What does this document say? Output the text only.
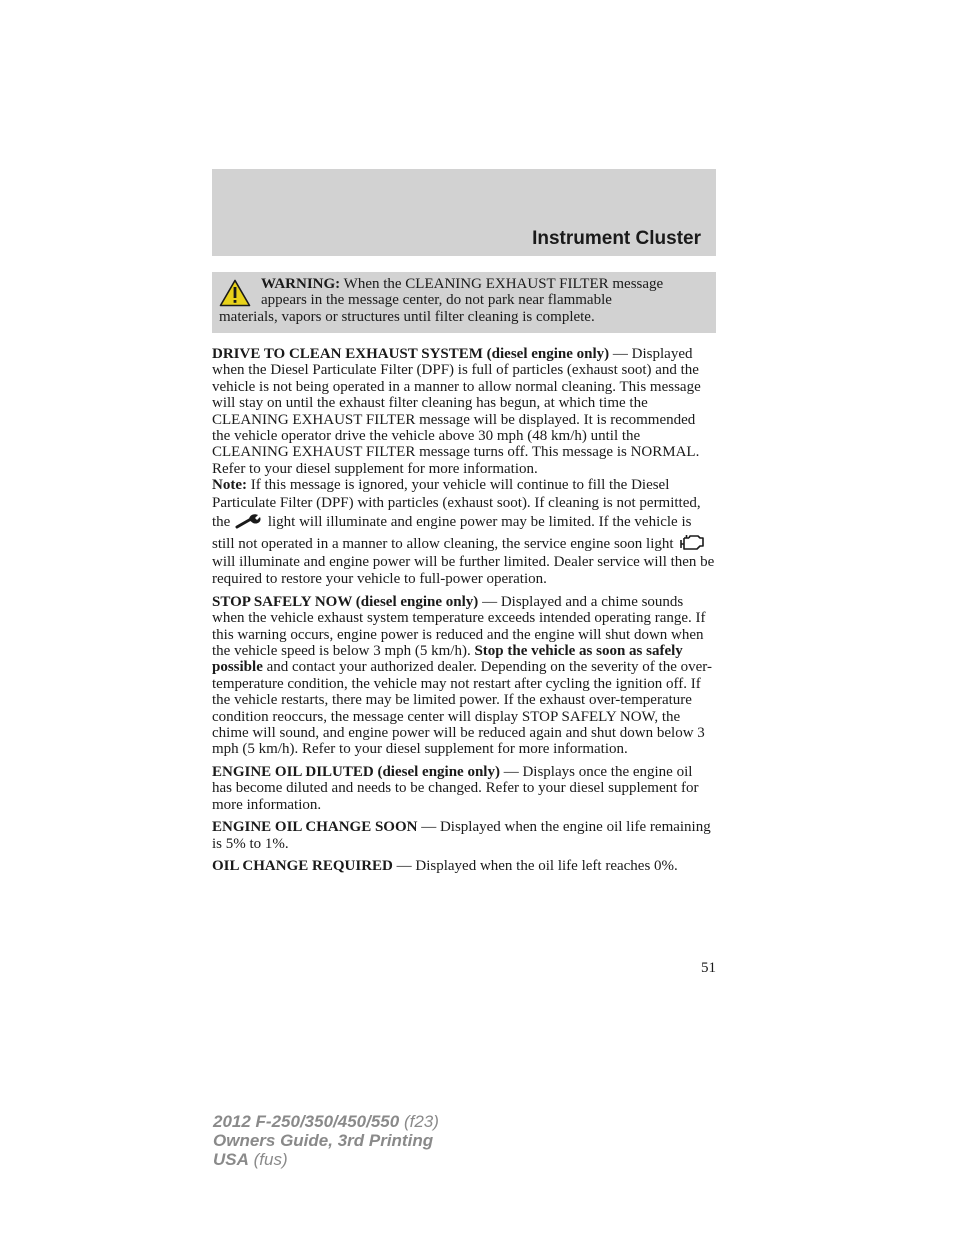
Instrument Cluster
WARNING: When the CLEANING EXHAUST FILTER message
appears in the message center, do not park near flammable
materials, vapors or structures until filter cleaning is complete.

DRIVE TO CLEAN EXHAUST SYSTEM (diesel engine only) — Displayed when the Diesel Particulate Filter (DPF) is full of particles (exhaust soot) and the vehicle is not being operated in a manner to allow normal cleaning. This message will stay on until the exhaust filter cleaning has begun, at which time the CLEANING EXHAUST FILTER message will be displayed. It is recommended the vehicle operator drive the vehicle above 30 mph (48 km/h) until the CLEANING EXHAUST FILTER message turns off. This message is NORMAL. Refer to your diesel supplement for more information.

Note: If this message is ignored, your vehicle will continue to fill the Diesel Particulate Filter (DPF) with particles (exhaust soot). If cleaning is not permitted, the  light will illuminate and engine power may be limited. If the vehicle is still not operated in a manner to allow cleaning, the service engine soon light  will illuminate and engine power will be further limited. Dealer service will then be required to restore your vehicle to full-power operation.

STOP SAFELY NOW (diesel engine only) — Displayed and a chime sounds when the vehicle exhaust system temperature exceeds intended operating range. If this warning occurs, engine power is reduced and the engine will shut down when the vehicle speed is below 3 mph (5 km/h). Stop the vehicle as soon as safely possible and contact your authorized dealer. Depending on the severity of the over-temperature condition, the vehicle may not restart after cycling the ignition off. If the vehicle restarts, there may be limited power. If the exhaust over-temperature condition reoccurs, the message center will display STOP SAFELY NOW, the chime will sound, and engine power will be reduced again and shut down below 3 mph (5 km/h). Refer to your diesel supplement for more information.

ENGINE OIL DILUTED (diesel engine only) — Displays once the engine oil has become diluted and needs to be changed. Refer to your diesel supplement for more information.

ENGINE OIL CHANGE SOON — Displayed when the engine oil life remaining is 5% to 1%.

OIL CHANGE REQUIRED — Displayed when the oil life left reaches 0%.

51
2012 F-250/350/450/550 (f23)
Owners Guide, 3rd Printing
USA (fus)
